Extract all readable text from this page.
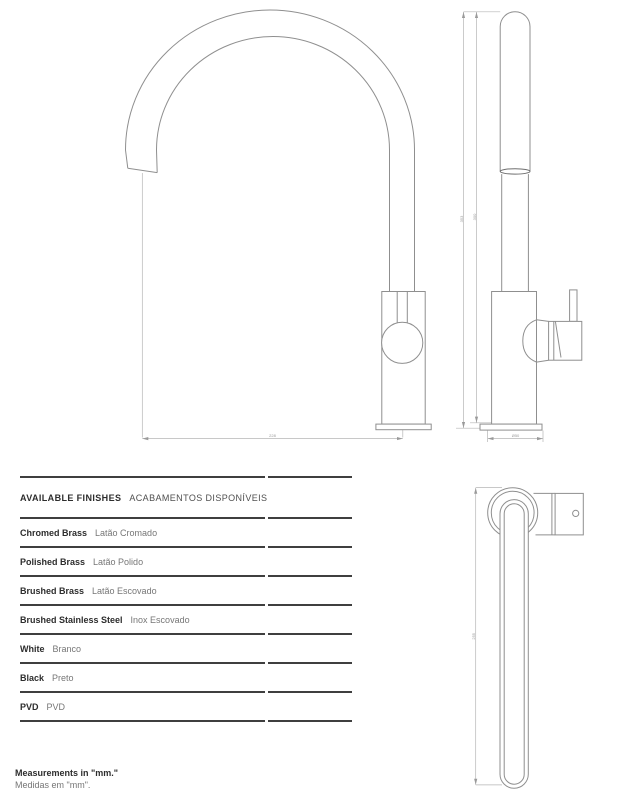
228
353 300
Ø50
255
AVAILABLE FINISHES ACABAMENTOS DISPONÍVEIS
Chromed Brass Latão Cromado
Polished Brass Latão Polido
Brushed Brass Latão Escovado
Brushed Stainless Steel Inox Escovado
White Branco
Black Preto
PVD PVD
Measurements in "mm."
Medidas em "mm".
